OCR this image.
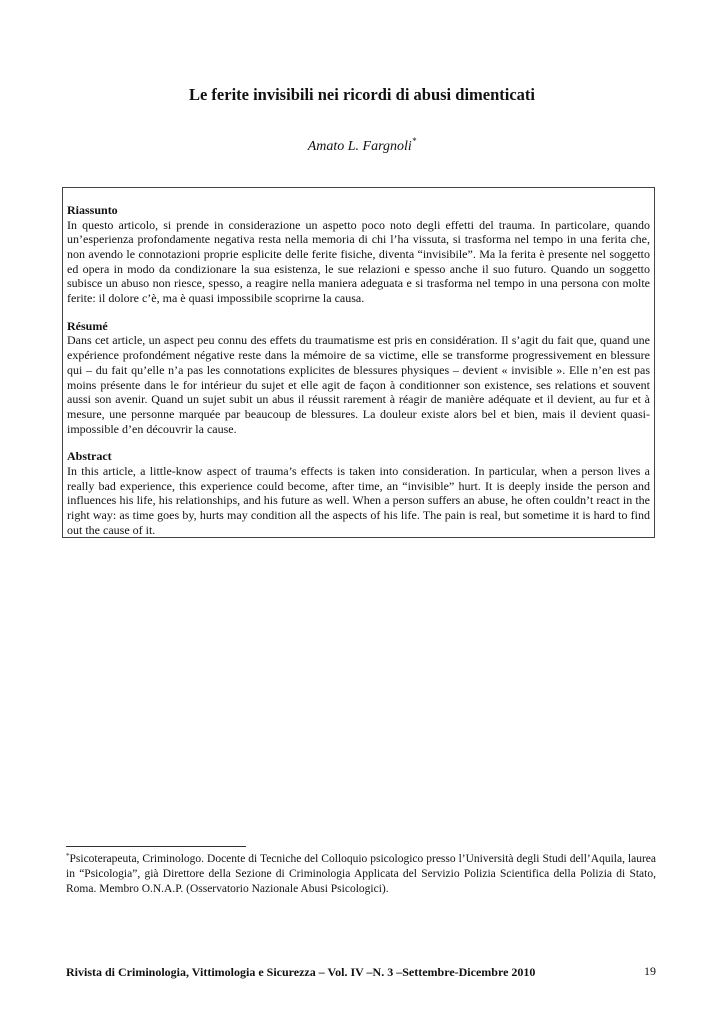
Le ferite invisibili nei ricordi di abusi dimenticati
Amato L. Fargnoli*

Riassunto

In questo articolo, si prende in considerazione un aspetto poco noto degli effetti del trauma. In particolare, quando un’esperienza profondamente negativa resta nella memoria di chi l’ha vissuta, si trasforma nel tempo in una ferita che, non avendo le connotazioni proprie esplicite delle ferite fisiche, diventa “invisibile”. Ma la ferita è presente nel soggetto ed opera in modo da condizionare la sua esistenza, le sue relazioni e spesso anche il suo futuro. Quando un soggetto subisce un abuso non riesce, spesso, a reagire nella maniera adeguata e si trasforma nel tempo in una persona con molte ferite: il dolore c’è, ma è quasi impossibile scoprirne la causa.

Résumé

Dans cet article, un aspect peu connu des effets du traumatisme est pris en considération. Il s’agit du fait que, quand une expérience profondément négative reste dans la mémoire de sa victime, elle se transforme progressivement en blessure qui – du fait qu’elle n’a pas les connotations explicites de blessures physiques – devient « invisible ». Elle n’en est pas moins présente dans le for intérieur du sujet et elle agit de façon à conditionner son existence, ses relations et souvent aussi son avenir. Quand un sujet subit un abus il réussit rarement à réagir de manière adéquate et il devient, au fur et à mesure, une personne marquée par beaucoup de blessures. La douleur existe alors bel et bien, mais il devient quasi-impossible d’en découvrir la cause.

Abstract

In this article, a little-know aspect of trauma’s effects is taken into consideration. In particular, when a person lives a really bad experience, this experience could become, after time, an “invisible” hurt. It is deeply inside the person and influences his life, his relationships, and his future as well. When a person suffers an abuse, he often couldn’t react in the right way: as time goes by, hurts may condition all the aspects of his life. The pain is real, but sometime it is hard to find out the cause of it.

*Psicoterapeuta, Criminologo. Docente di Tecniche del Colloquio psicologico presso l’Università degli Studi dell’Aquila, laurea in “Psicologia”, già Direttore della Sezione di Criminologia Applicata del Servizio Polizia Scientifica della Polizia di Stato, Roma. Membro O.N.A.P. (Osservatorio Nazionale Abusi Psicologici).

Rivista di Criminologia, Vittimologia e Sicurezza – Vol. IV –N. 3 –Settembre-Dicembre 2010	19
